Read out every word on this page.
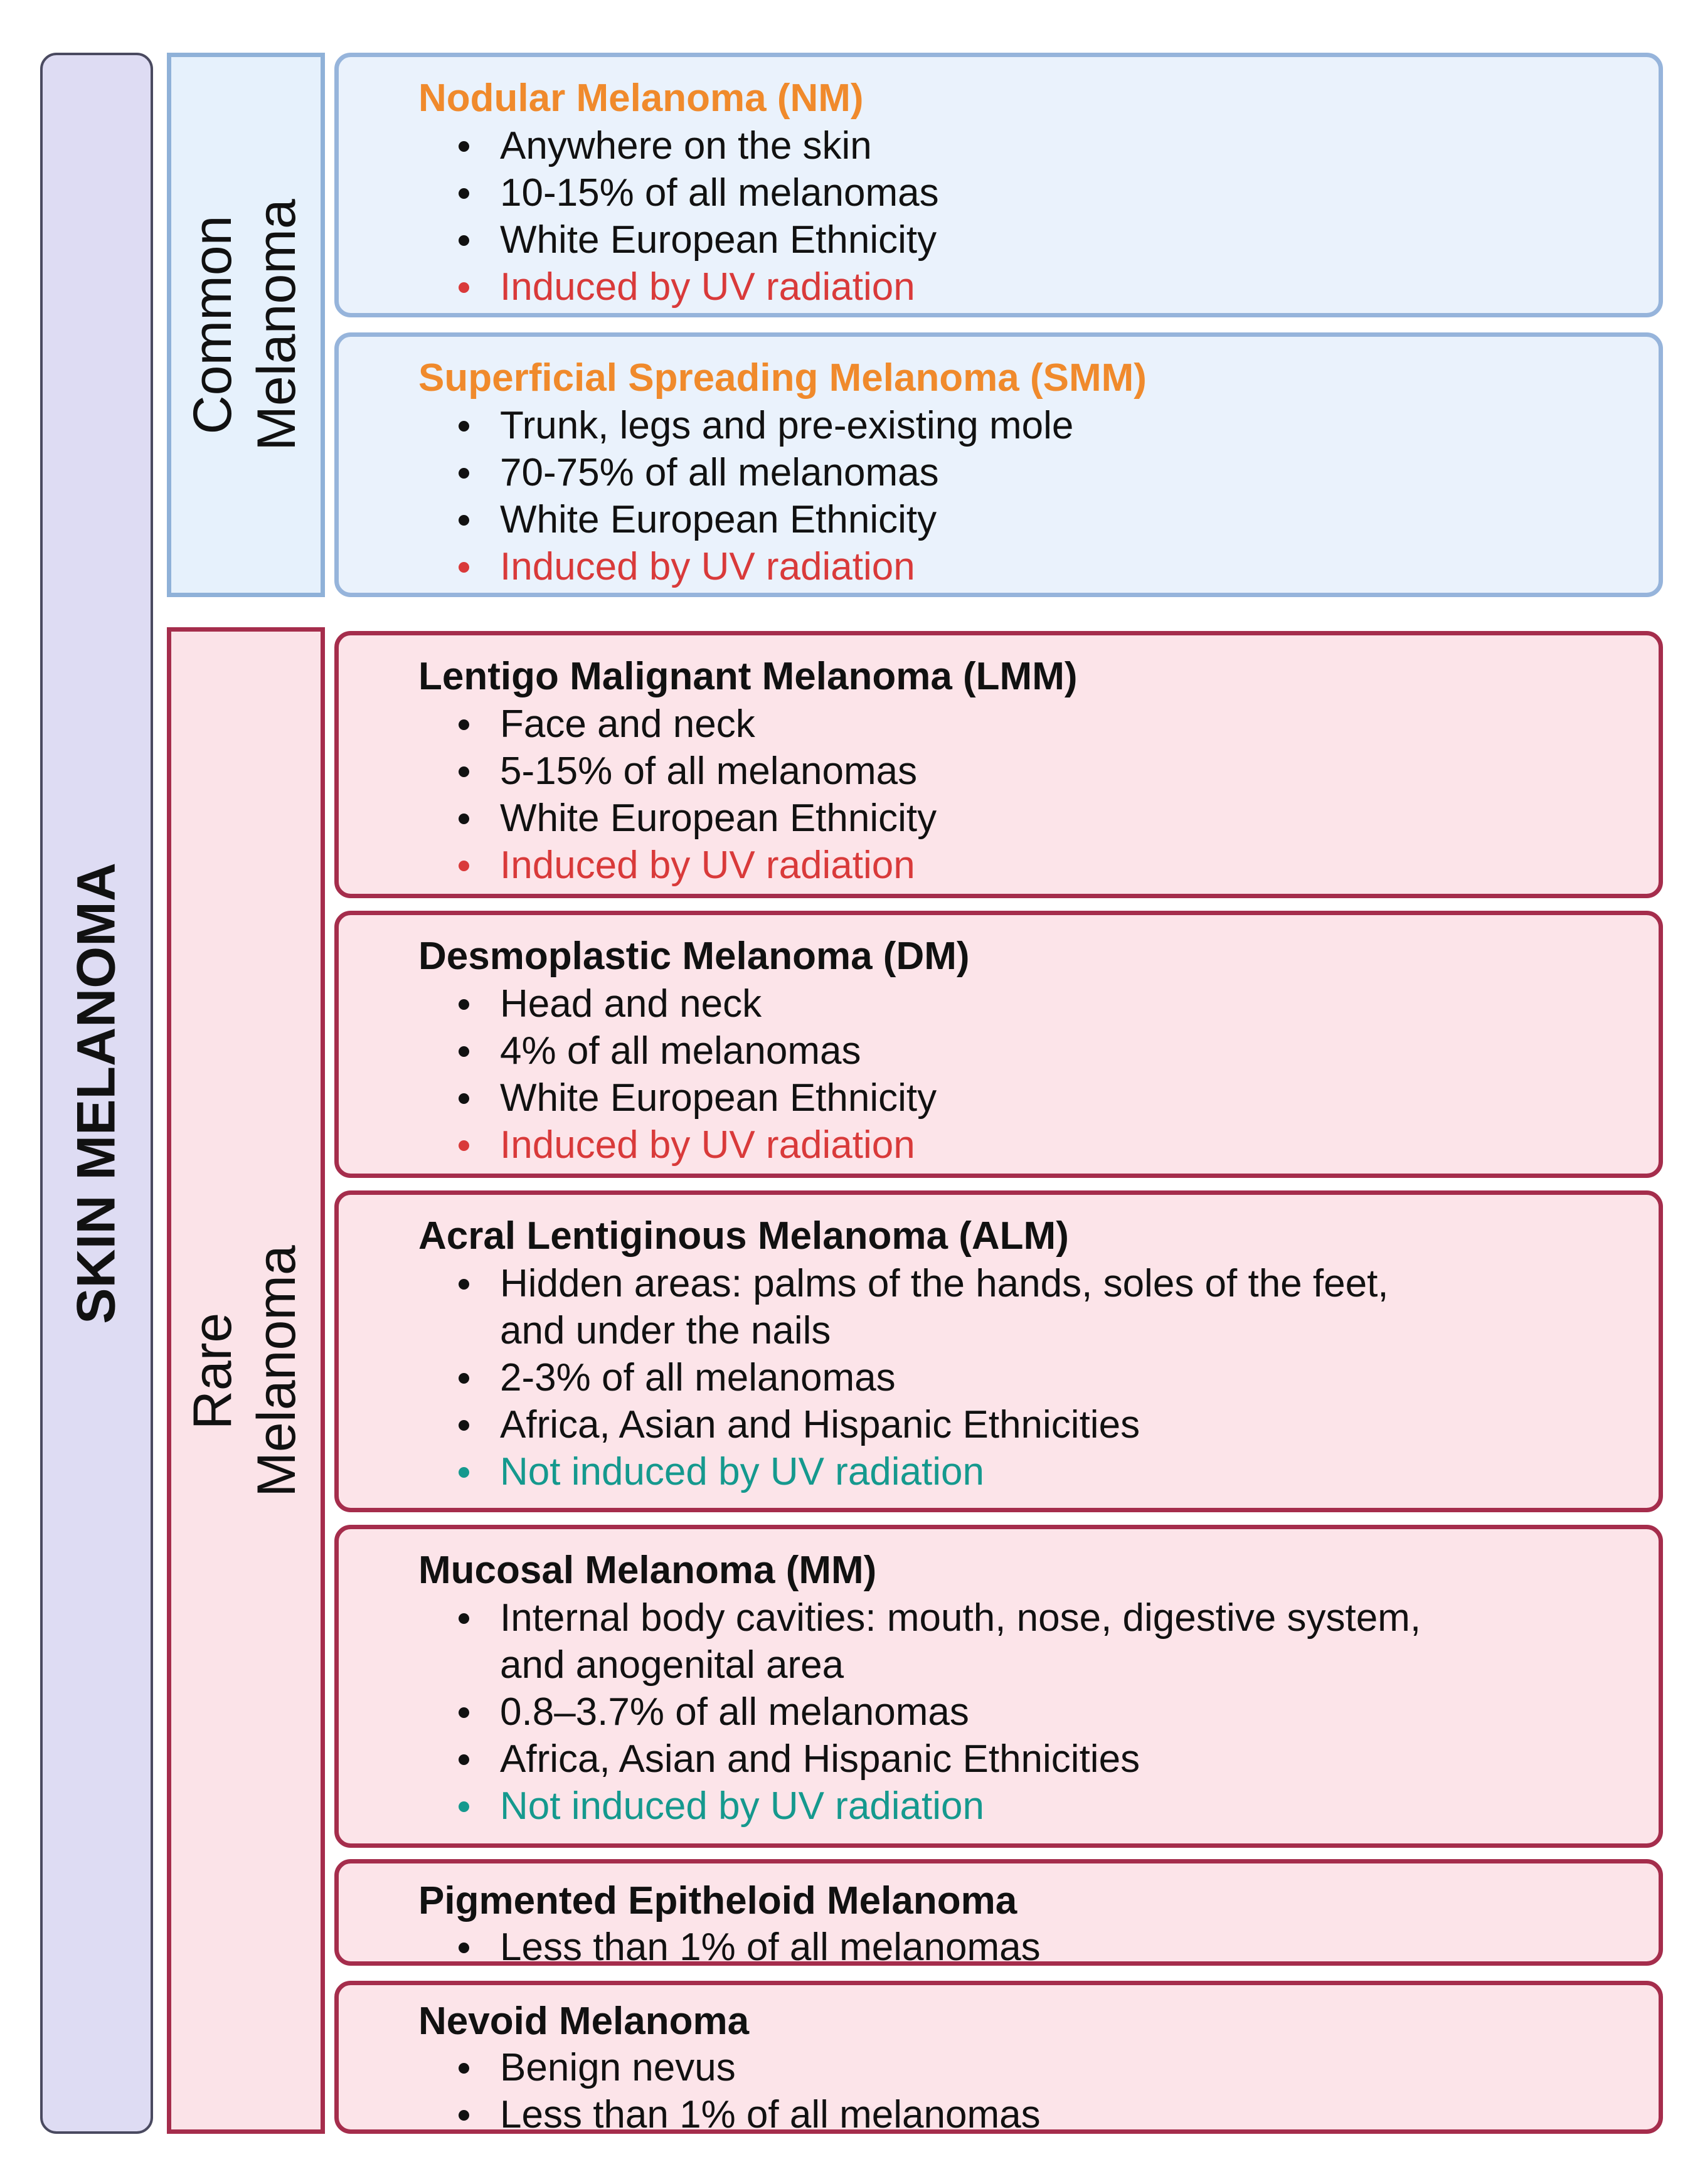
SKIN MELANOMA
Common
Melanoma
Rare
Melanoma
Nodular Melanoma (NM)
Anywhere on the skin
10-15% of all melanomas
White European Ethnicity
Induced by UV radiation
Superficial Spreading Melanoma (SMM)
Trunk, legs and pre-existing mole
70-75% of all melanomas
White European Ethnicity
Induced by UV radiation
Lentigo Malignant Melanoma (LMM)
Face and neck
5-15% of all melanomas
White European Ethnicity
Induced by UV radiation
Desmoplastic Melanoma (DM)
Head and neck
4% of all melanomas
White European Ethnicity
Induced by UV radiation
Acral Lentiginous Melanoma (ALM)
Hidden areas: palms of the hands, soles of the feet,
and under the nails
2-3% of all melanomas
Africa, Asian and Hispanic Ethnicities
Not induced by UV radiation
Mucosal Melanoma (MM)
Internal body cavities: mouth, nose, digestive system,
and anogenital area
0.8–3.7% of all melanomas
Africa, Asian and Hispanic Ethnicities
Not induced by UV radiation
Pigmented Epitheloid Melanoma
Less than 1% of all melanomas
Nevoid Melanoma
Benign nevus
Less than 1% of all melanomas
